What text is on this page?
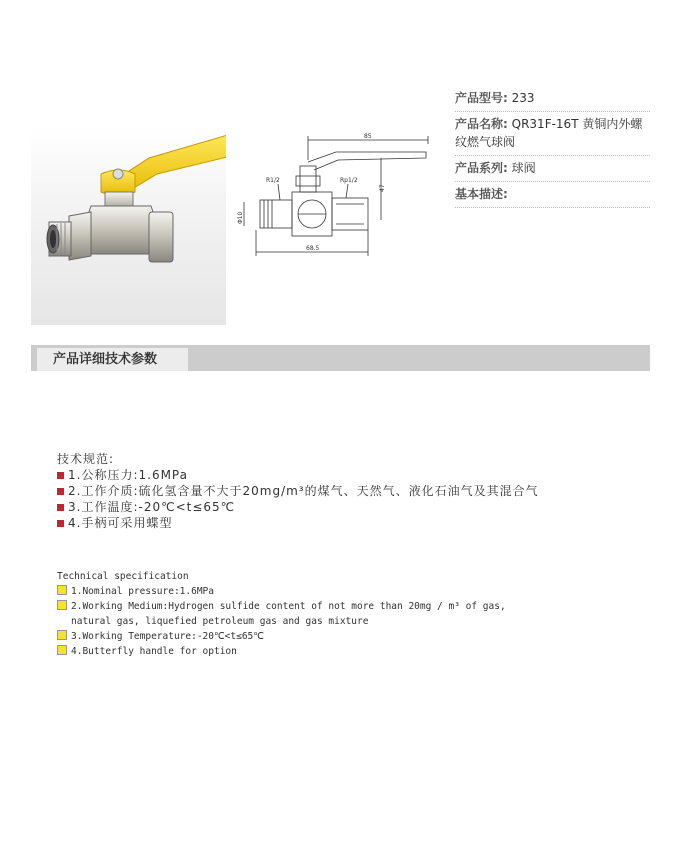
85
47
R1/2	Rp1/2
Φ10
68.5
产品型号: 233
产品名称: QR31F-16T 黄铜内外螺纹燃气球阀
产品系列: 球阀
基本描述:
产品详细技术参数
技术规范:
1.公称压力:1.6MPa
2.工作介质:硫化氢含量不大于20mg/m³的煤气、天然气、液化石油气及其混合气
3.工作温度:-20℃<t≤65℃
4.手柄可采用蝶型
Technical specification
1.Nominal pressure:1.6MPa
2.Working Medium:Hydrogen sulfide content of not more than 20mg / m³ of gas,
natural gas, liquefied petroleum gas and gas mixture
3.Working Temperature:-20℃<t≤65℃
4.Butterfly handle for option
